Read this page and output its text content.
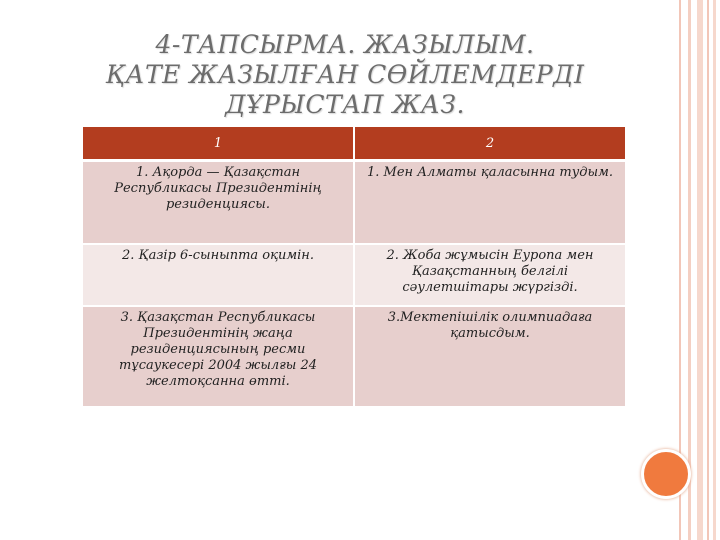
4-ТАПСЫРМА. ЖАЗЫЛЫМ.
ҚАТЕ ЖАЗЫЛҒАН СӨЙЛЕМДЕРДІ
ДҰРЫСТАП ЖАЗ.
1	2
1. Ақорда — Қазақстан Республикасы Президентінің резиденциясы.	1. Мен Алматы қаласынна тудым.
2. Қазір 6-сыныпта оқимін.	2. Жоба жұмысін Еуропа мен Қазақстанның белгілі сәулетшітары жүргізді.
3. Қазақстан Республикасы Президентінің жаңа резиденциясының ресми тұсаукесері 2004 жылғы 24 желтоқсанна өтті.	3.Мектепішілік олимпиадаға қатысдым.
